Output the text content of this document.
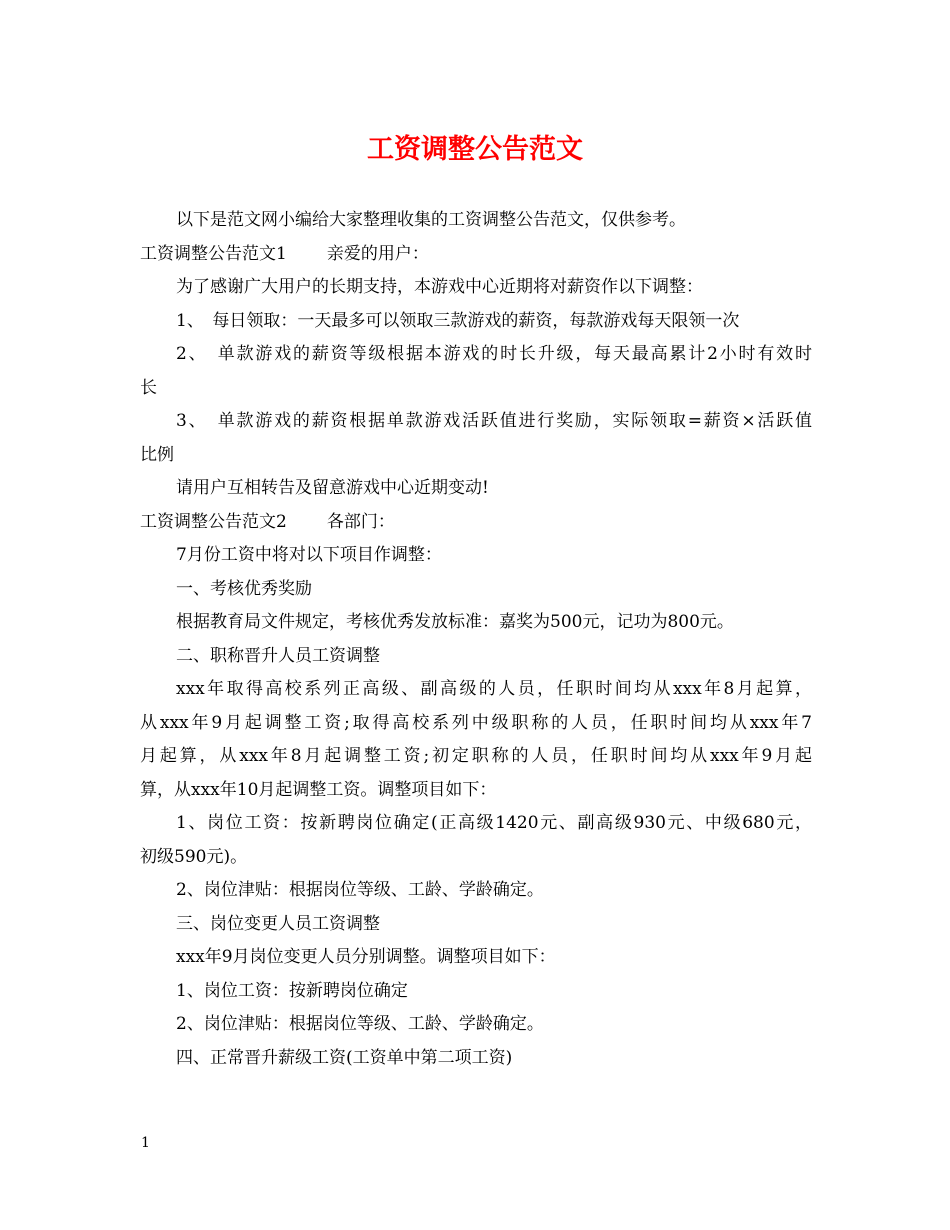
工资调整公告范文
以下是范文网小编给大家整理收集的工资调整公告范文，仅供参考。
工资调整公告范文1 亲爱的用户：
为了感谢广大用户的长期支持，本游戏中心近期将对薪资作以下调整：
1、　每日领取：一天最多可以领取三款游戏的薪资，每款游戏每天限领一次
2、　单款游戏的薪资等级根据本游戏的时长升级，每天最高累计2小时有效时
长
3、　单款游戏的薪资根据单款游戏活跃值进行奖励，实际领取=薪资×活跃值
比例
请用户互相转告及留意游戏中心近期变动!
工资调整公告范文2 各部门：
7月份工资中将对以下项目作调整：
一、考核优秀奖励
根据教育局文件规定，考核优秀发放标准：嘉奖为500元，记功为800元。
二、职称晋升人员工资调整
xxx年取得高校系列正高级、副高级的人员，任职时间均从xxx年8月起算，
从xxx年9月起调整工资;取得高校系列中级职称的人员，任职时间均从xxx年7
月起算，从xxx年8月起调整工资;初定职称的人员，任职时间均从xxx年9月起
算，从xxx年10月起调整工资。调整项目如下：
1、岗位工资：按新聘岗位确定(正高级1420元、副高级930元、中级680元，
初级590元)。
2、岗位津贴：根据岗位等级、工龄、学龄确定。
三、岗位变更人员工资调整
xxx年9月岗位变更人员分别调整。调整项目如下：
1、岗位工资：按新聘岗位确定
2、岗位津贴：根据岗位等级、工龄、学龄确定。
四、正常晋升薪级工资(工资单中第二项工资)
1
